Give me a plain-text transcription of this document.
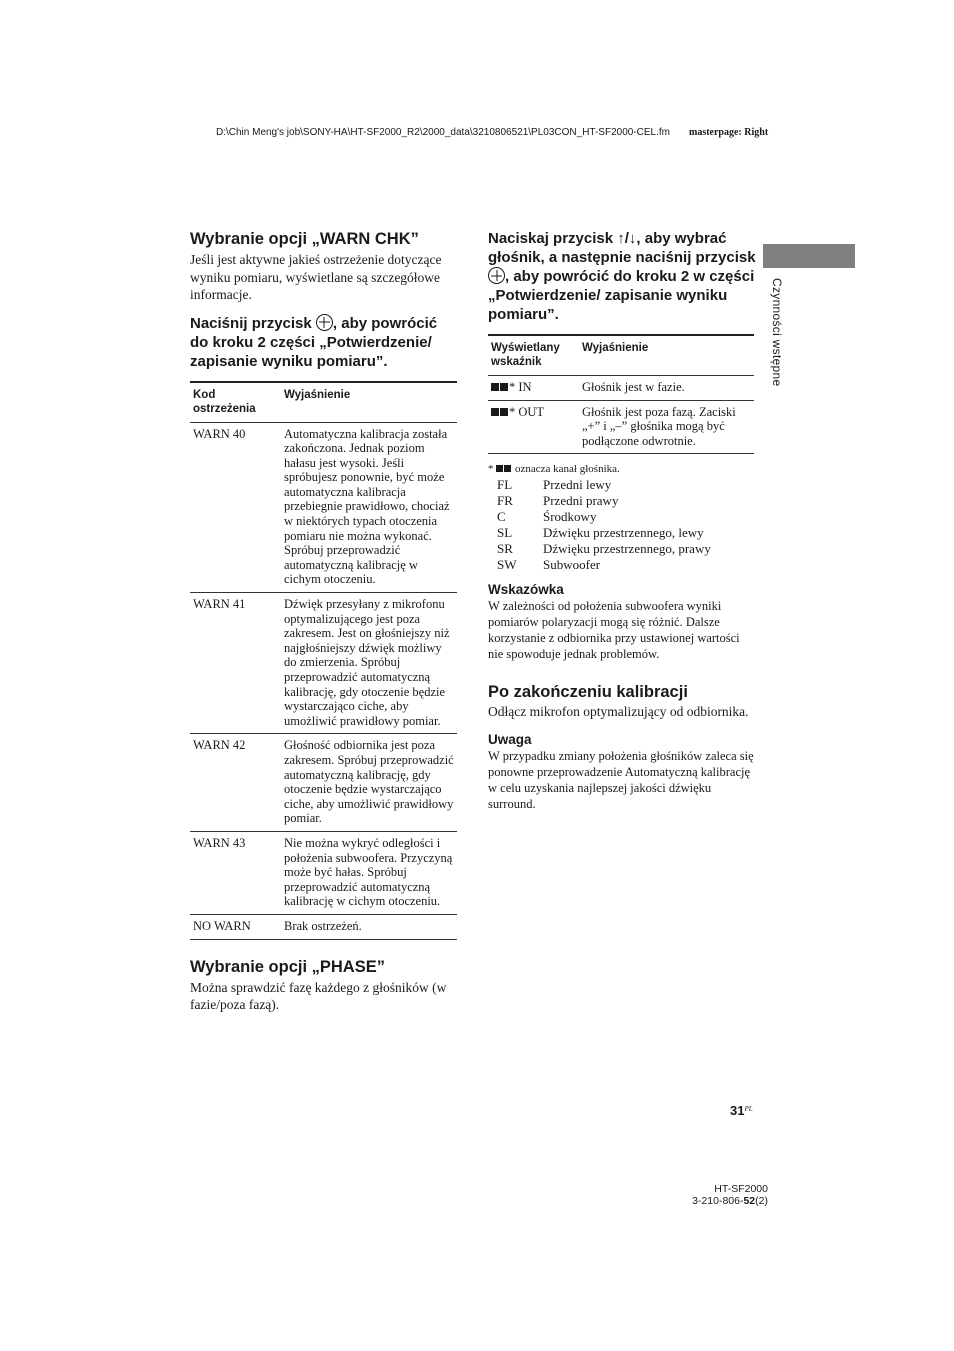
D:\Chin Meng's job\SONY-HA\HT-SF2000_R2\2000_data\3210806521\PL03CON_HT-SF2000-CEL.fm masterpage: Right
Czynności wstępne
Wybranie opcji „WARN CHK”
Jeśli jest aktywne jakieś ostrzeżenie dotyczące wyniku pomiaru, wyświetlane są szczegółowe informacje.
Naciśnij przycisk , aby powrócić do kroku 2 części „Potwierdzenie/ zapisanie wyniku pomiaru”.
Kod ostrzeżenia	Wyjaśnienie
WARN 40	Automatyczna kalibracja została zakończona. Jednak poziom hałasu jest wysoki. Jeśli spróbujesz ponownie, być może automatyczna kalibracja przebiegnie prawidłowo, chociaż w niektórych typach otoczenia pomiaru nie można wykonać. Spróbuj przeprowadzić automatyczną kalibrację w cichym otoczeniu.
WARN 41	Dźwięk przesyłany z mikrofonu optymalizującego jest poza zakresem. Jest on głośniejszy niż najgłośniejszy dźwięk możliwy do zmierzenia. Spróbuj przeprowadzić automatyczną kalibrację, gdy otoczenie będzie wystarczająco ciche, aby umożliwić prawidłowy pomiar.
WARN 42	Głośność odbiornika jest poza zakresem. Spróbuj przeprowadzić automatyczną kalibrację, gdy otoczenie będzie wystarczająco ciche, aby umożliwić prawidłowy pomiar.
WARN 43	Nie można wykryć odległości i położenia subwoofera. Przyczyną może być hałas. Spróbuj przeprowadzić automatyczną kalibrację w cichym otoczeniu.
NO WARN	Brak ostrzeżeń.
Wybranie opcji „PHASE”
Można sprawdzić fazę każdego z głośników (w fazie/poza fazą).
Naciskaj przycisk ↑/↓, aby wybrać głośnik, a następnie naciśnij przycisk , aby powrócić do kroku 2 w części „Potwierdzenie/ zapisanie wyniku pomiaru”.
Wyświetlany wskaźnik	Wyjaśnienie
* IN	Głośnik jest w fazie.
* OUT	Głośnik jest poza fazą. Zaciski „+” i „–” głośnika mogą być podłączone odwrotnie.
*  oznacza kanał głośnika.
FL	Przedni lewy
FR	Przedni prawy
C	Środkowy
SL	Dźwięku przestrzennego, lewy
SR	Dźwięku przestrzennego, prawy
SW	Subwoofer
Wskazówka
W zależności od położenia subwoofera wyniki pomiarów polaryzacji mogą się różnić. Dalsze korzystanie z odbiornika przy ustawionej wartości nie spowoduje jednak problemów.
Po zakończeniu kalibracji
Odłącz mikrofon optymalizujący od odbiornika.
Uwaga
W przypadku zmiany położenia głośników zaleca się ponowne przeprowadzenie Automatyczną kalibrację w celu uzyskania najlepszej jakości dźwięku surround.
$31^{PL}$
HT-SF2000
3-210-806-52(2)
